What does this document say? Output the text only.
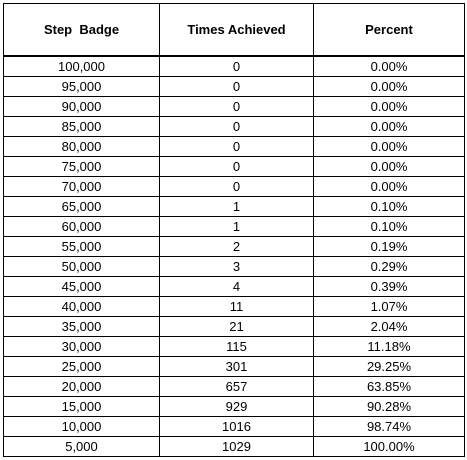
Step  Badge	Times Achieved	Percent
100,000	0	0.00%
95,000	0	0.00%
90,000	0	0.00%
85,000	0	0.00%
80,000	0	0.00%
75,000	0	0.00%
70,000	0	0.00%
65,000	1	0.10%
60,000	1	0.10%
55,000	2	0.19%
50,000	3	0.29%
45,000	4	0.39%
40,000	11	1.07%
35,000	21	2.04%
30,000	115	11.18%
25,000	301	29.25%
20,000	657	63.85%
15,000	929	90.28%
10,000	1016	98.74%
5,000	1029	100.00%
